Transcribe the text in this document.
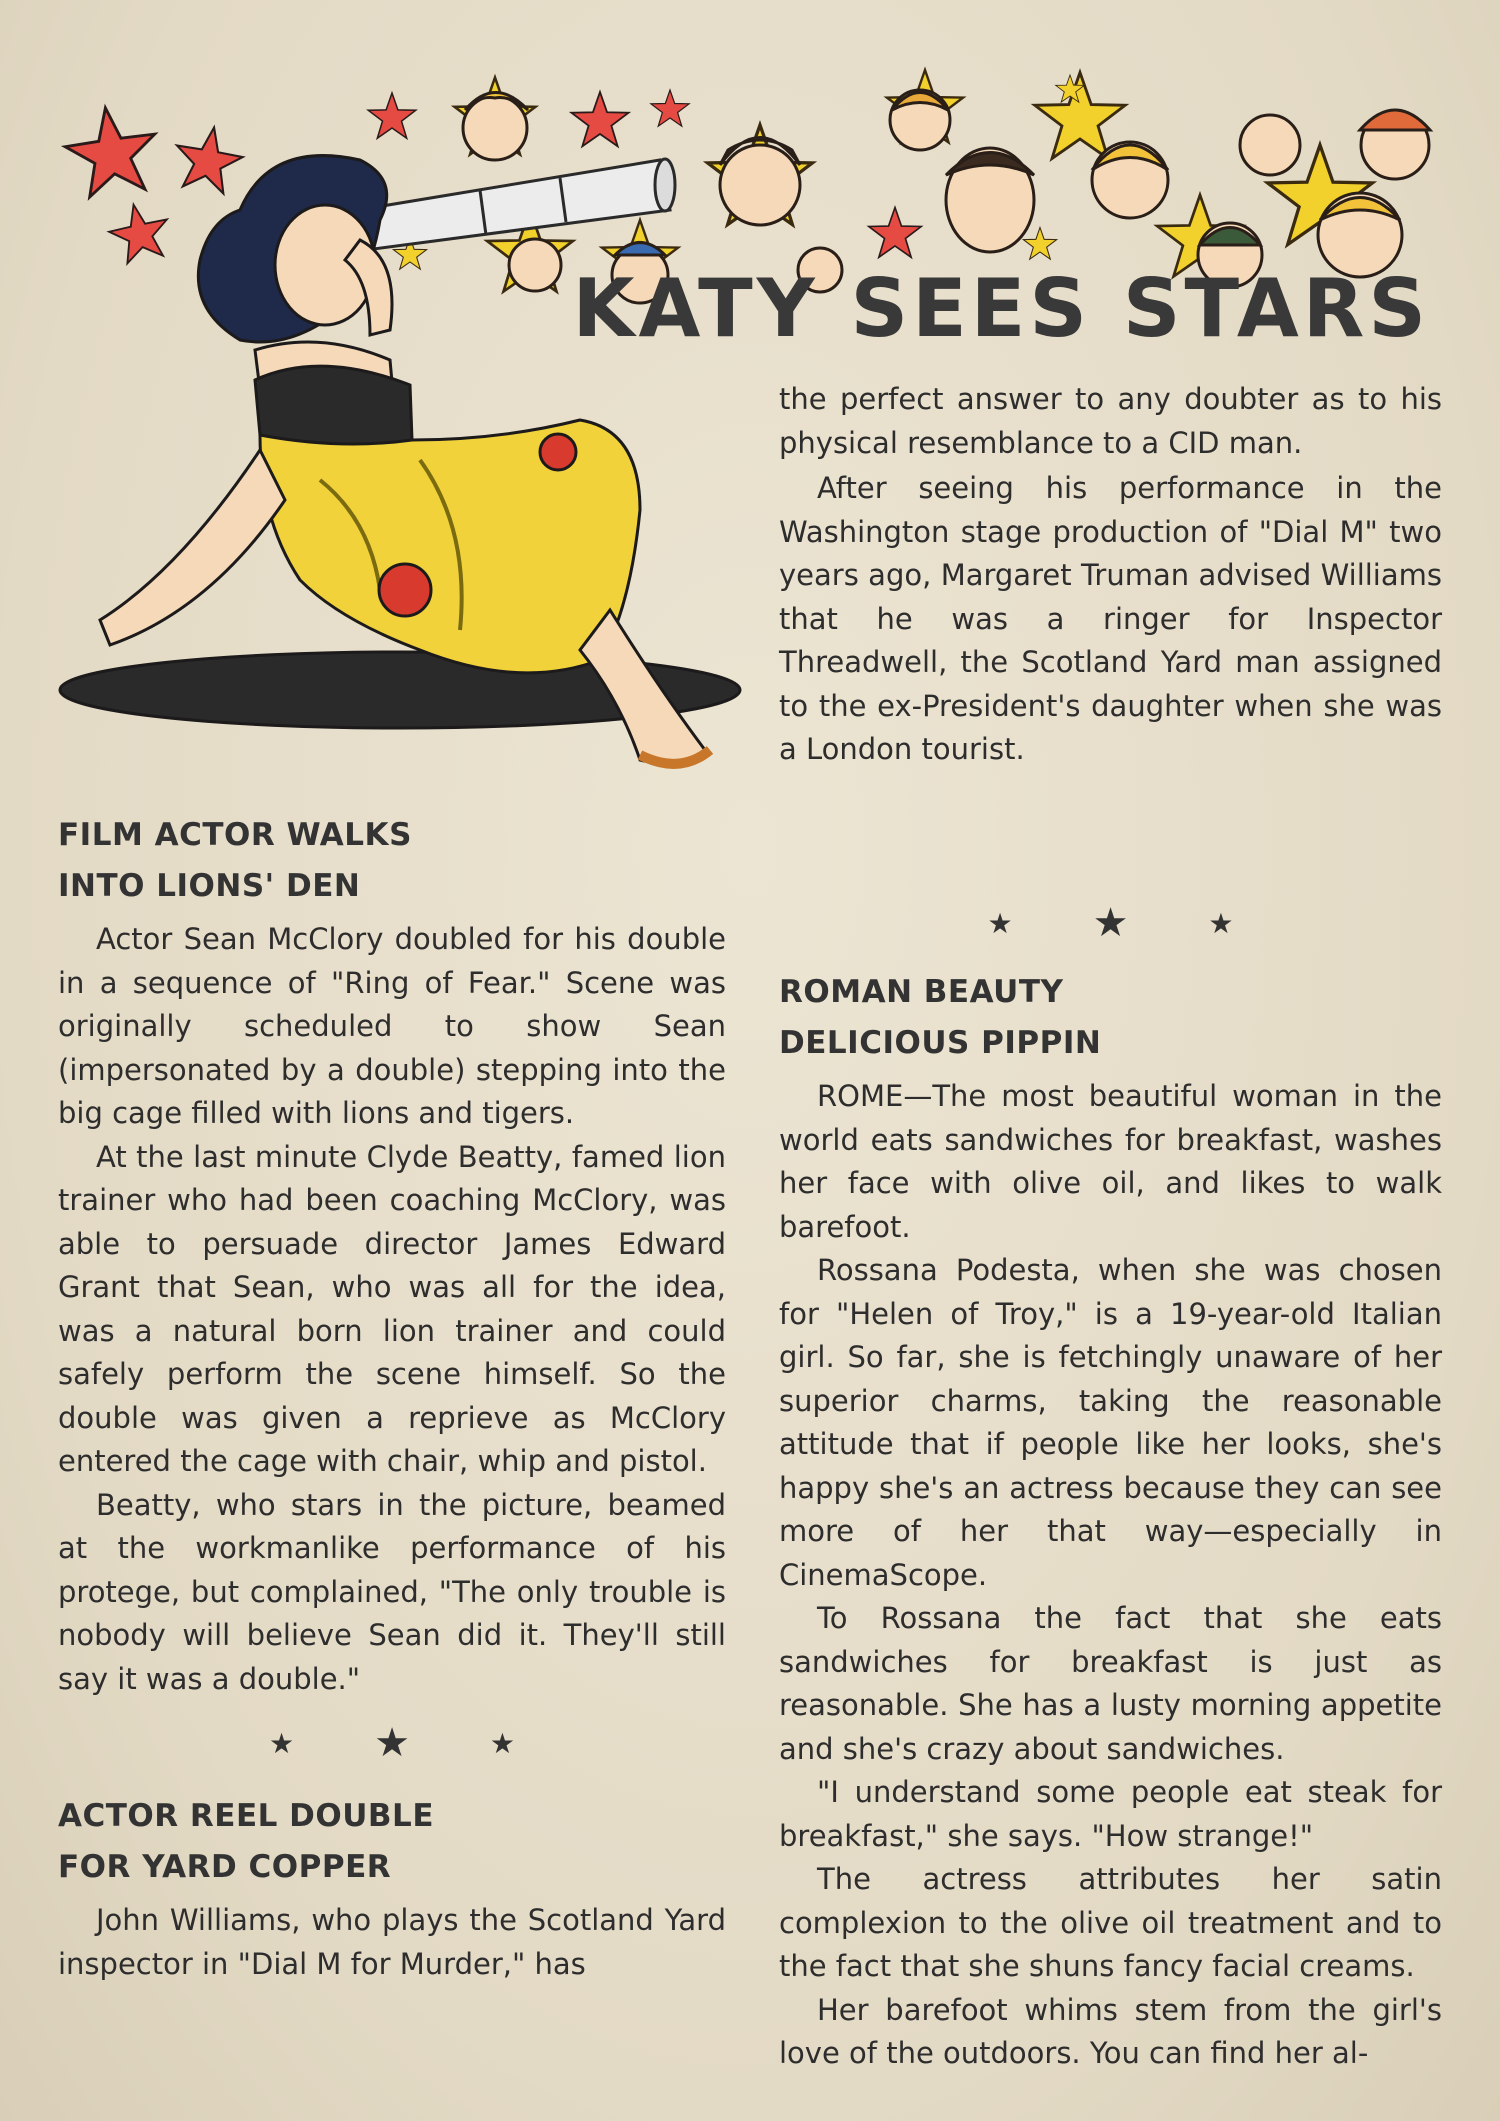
KATY SEES STARS
FILM ACTOR WALKS
INTO LIONS' DEN

Actor Sean McClory doubled for his double in a sequence of "Ring of Fear." Scene was originally scheduled to show Sean (impersonated by a double) stepping into the big cage filled with lions and tigers.

At the last minute Clyde Beatty, famed lion trainer who had been coaching McClory, was able to persuade director James Edward Grant that Sean, who was all for the idea, was a natural born lion trainer and could safely perform the scene himself. So the double was given a reprieve as McClory entered the cage with chair, whip and pistol.

Beatty, who stars in the picture, beamed at the workmanlike performance of his protege, but complained, "The only trouble is nobody will believe Sean did it. They'll still say it was a double."

★ ★	★
ACTOR REEL DOUBLE
FOR YARD COPPER

John Williams, who plays the Scotland Yard inspector in "Dial M for Murder," has

the perfect answer to any doubter as to his physical resemblance to a CID man.

After seeing his performance in the Washington stage production of "Dial M" two years ago, Margaret Truman advised Williams that he was a ringer for Inspector Threadwell, the Scotland Yard man assigned to the ex-President's daughter when she was a London tourist.

★ ★	★
ROMAN BEAUTY
DELICIOUS PIPPIN

ROME—The most beautiful woman in the world eats sandwiches for breakfast, washes her face with olive oil, and likes to walk barefoot.

Rossana Podesta, when she was chosen for "Helen of Troy," is a 19-year-old Italian girl. So far, she is fetchingly unaware of her superior charms, taking the reasonable attitude that if people like her looks, she's happy she's an actress because they can see more of her that way—especially in CinemaScope.

To Rossana the fact that she eats sandwiches for breakfast is just as reasonable. She has a lusty morning appetite and she's crazy about sandwiches.

"I understand some people eat steak for breakfast," she says. "How strange!"

The actress attributes her satin complexion to the olive oil treatment and to the fact that she shuns fancy facial creams.

Her barefoot whims stem from the girl's love of the outdoors. You can find her al-
